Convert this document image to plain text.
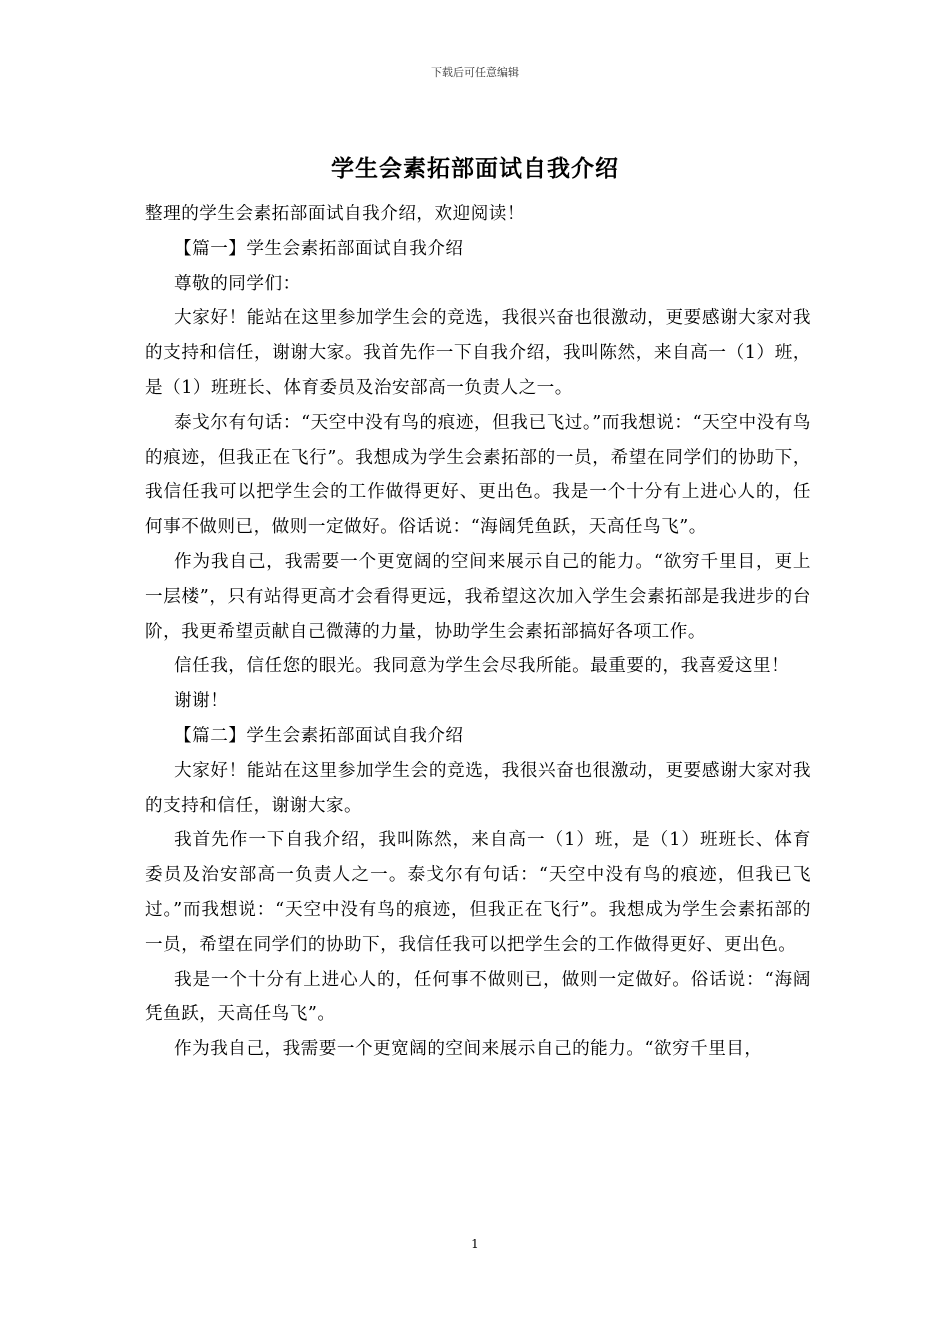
下载后可任意编辑
学生会素拓部面试自我介绍

整理的学生会素拓部面试自我介绍，欢迎阅读！

【篇一】学生会素拓部面试自我介绍

尊敬的同学们：

大家好！能站在这里参加学生会的竞选，我很兴奋也很激动，更要感谢大家对我的支持和信任，谢谢大家。我首先作一下自我介绍，我叫陈然，来自高一（1）班，是（1）班班长、体育委员及治安部高一负责人之一。

泰戈尔有句话：“天空中没有鸟的痕迹，但我已飞过。”而我想说：“天空中没有鸟的痕迹，但我正在飞行”。我想成为学生会素拓部的一员，希望在同学们的协助下，我信任我可以把学生会的工作做得更好、更出色。我是一个十分有上进心人的，任何事不做则已，做则一定做好。俗话说：“海阔凭鱼跃，天高任鸟飞”。

作为我自己，我需要一个更宽阔的空间来展示自己的能力。“欲穷千里目，更上一层楼”，只有站得更高才会看得更远，我希望这次加入学生会素拓部是我进步的台阶，我更希望贡献自己微薄的力量，协助学生会素拓部搞好各项工作。

信任我，信任您的眼光。我同意为学生会尽我所能。最重要的，我喜爱这里！

谢谢！

【篇二】学生会素拓部面试自我介绍

大家好！能站在这里参加学生会的竞选，我很兴奋也很激动，更要感谢大家对我的支持和信任，谢谢大家。

我首先作一下自我介绍，我叫陈然，来自高一（1）班，是（1）班班长、体育委员及治安部高一负责人之一。泰戈尔有句话：“天空中没有鸟的痕迹，但我已飞过。”而我想说：“天空中没有鸟的痕迹，但我正在飞行”。我想成为学生会素拓部的一员，希望在同学们的协助下，我信任我可以把学生会的工作做得更好、更出色。

我是一个十分有上进心人的，任何事不做则已，做则一定做好。俗话说：“海阔凭鱼跃，天高任鸟飞”。

作为我自己，我需要一个更宽阔的空间来展示自己的能力。“欲穷千里目，

1
